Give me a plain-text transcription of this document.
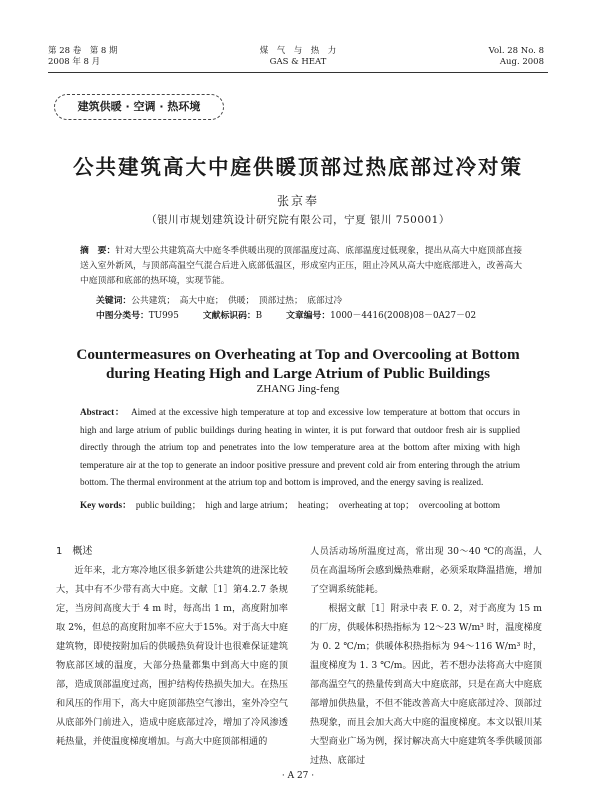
第 28 卷　第 8 期
2008 年 8 月
煤　气　与　热　力
GAS & HEAT
Vol. 28 No. 8
Aug. 2008
建筑供暖 · 空调 · 热环境
公共建筑高大中庭供暖顶部过热底部过冷对策
张京奉
（银川市规划建筑设计研究院有限公司，宁夏 银川 750001）
摘　要：针对大型公共建筑高大中庭冬季供暖出现的顶部温度过高、底部温度过低现象，提出从高大中庭顶部直接送入室外新风，与顶部高温空气混合后进入底部低温区，形成室内正压，阻止冷风从高大中庭底部进入，改善高大中庭顶部和底部的热环境，实现节能。
关键词：公共建筑；　高大中庭；　供暖；　顶部过热；　底部过冷
中图分类号：TU995	文献标识码：B	文章编号：1000－4416(2008)08－0A27－02
Countermeasures on Overheating at Top and Overcooling at Bottom
during Heating High and Large Atrium of Public Buildings
ZHANG Jing-feng
Abstract： Aimed at the excessive high temperature at top and excessive low temperature at bottom that occurs in high and large atrium of public buildings during heating in winter, it is put forward that outdoor fresh air is supplied directly through the atrium top and penetrates into the low temperature area at the bottom after mixing with high temperature air at the top to generate an indoor positive pressure and prevent cold air from entering through the atrium bottom. The thermal environment at the atrium top and bottom is improved, and the energy saving is realized.
Key words： public building；　high and large atrium；　heating；　overheating at top；　overcooling at bottom
1　概述

近年来，北方寒冷地区很多新建公共建筑的进深比较大，其中有不少带有高大中庭。文献［1］第4.2.7 条规定，当房间高度大于 4 m 时，每高出 1 m，高度附加率取 2%，但总的高度附加率不应大于15%。对于高大中庭建筑物，即使按附加后的供暖热负荷设计也很难保证建筑物底部区域的温度，大部分热量都集中到高大中庭的顶部，造成顶部温度过高，围护结构传热损失加大。在热压和风压的作用下，高大中庭顶部热空气渗出，室外冷空气从底部外门前进入，造成中庭底部过冷，增加了冷风渗透耗热量，并使温度梯度增加。与高大中庭顶部相通的

人员活动场所温度过高，常出现 30～40 ℃的高温，人员在高温场所会感到燥热难耐，必须采取降温措施，增加了空调系统能耗。

根据文献［1］附录中表 F. 0. 2，对于高度为 15 m 的厂房，供暖体积热指标为 12～23 W/m³ 时，温度梯度为 0. 2 ℃/m；供暖体积热指标为 94～116 W/m³ 时，温度梯度为 1. 3 ℃/m。因此，若不想办法将高大中庭顶部高温空气的热量传到高大中庭底部，只是在高大中庭底部增加供热量，不但不能改善高大中庭底部过冷、顶部过热现象，而且会加大高大中庭的温度梯度。本文以银川某大型商业广场为例，探讨解决高大中庭建筑冬季供暖顶部过热、底部过

· A 27 ·
